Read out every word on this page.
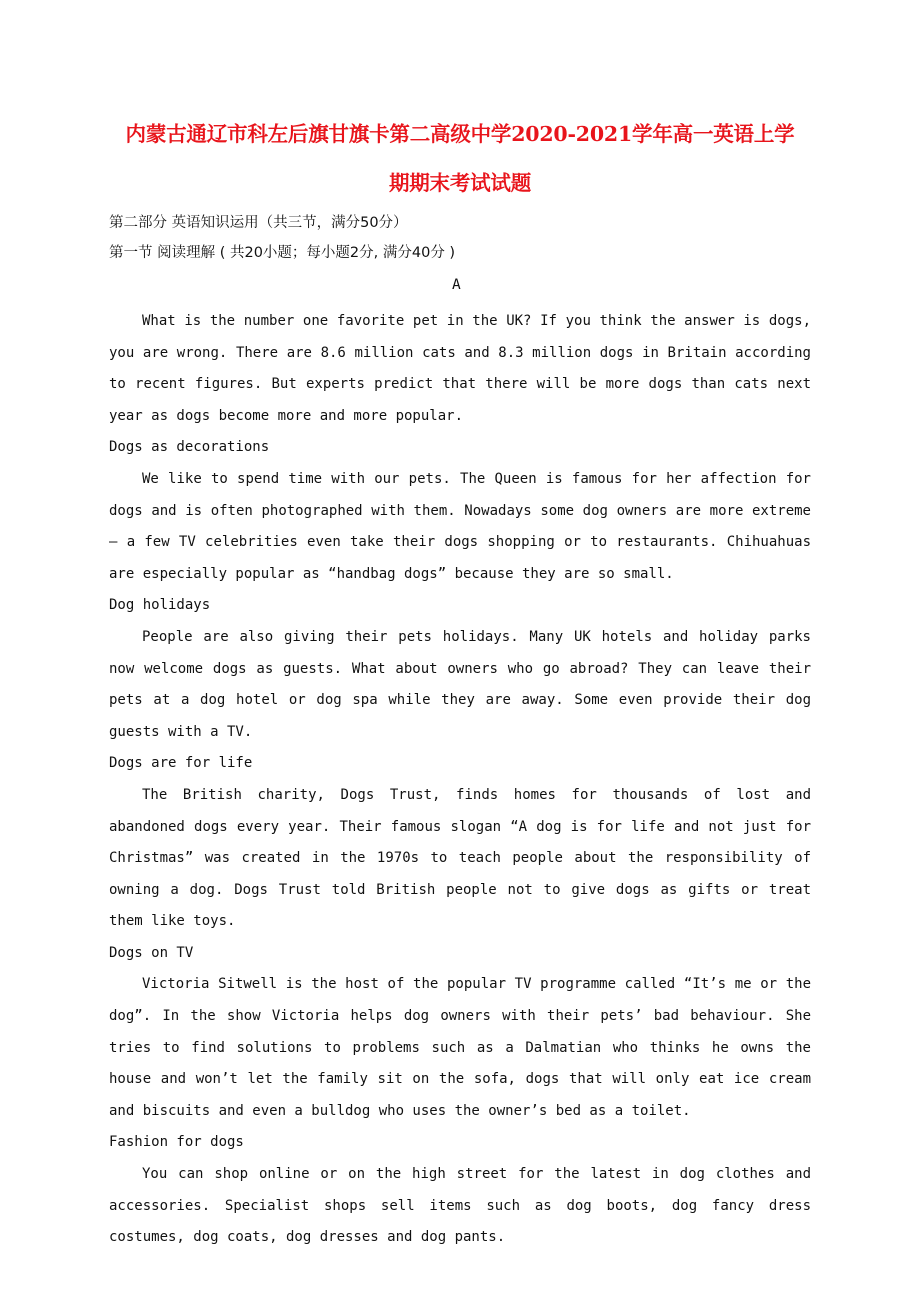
内蒙古通辽市科左后旗甘旗卡第二高级中学2020-2021学年高一英语上学
期期末考试试题
第二部分 英语知识运用（共三节，满分50分）
第一节 阅读理解 ( 共20小题；每小题2分, 满分40分 )
A

What is the number one favorite pet in the UK? If you think the answer is dogs, you are wrong. There are 8.6 million cats and 8.3 million dogs in Britain according to recent figures. But experts predict that there will be more dogs than cats next year as dogs become more and more popular.

Dogs as decorations

We like to spend time with our pets. The Queen is famous for her affection for dogs and is often photographed with them. Nowadays some dog owners are more extreme — a few TV celebrities even take their dogs shopping or to restaurants. Chihuahuas are especially popular as “handbag dogs” because they are so small.

Dog holidays

People are also giving their pets holidays. Many UK hotels and holiday parks now welcome dogs as guests. What about owners who go abroad? They can leave their pets at a dog hotel or dog spa while they are away. Some even provide their dog guests with a TV.

Dogs are for life

The British charity, Dogs Trust, finds homes for thousands of lost and abandoned dogs every year. Their famous slogan “A dog is for life and not just for Christmas” was created in the 1970s to teach people about the responsibility of owning a dog. Dogs Trust told British people not to give dogs as gifts or treat them like toys.

Dogs on TV

Victoria Sitwell is the host of the popular TV programme called “It’s me or the dog”. In the show Victoria helps dog owners with their pets’ bad behaviour. She tries to find solutions to problems such as a Dalmatian who thinks he owns the house and won’t let the family sit on the sofa, dogs that will only eat ice cream and biscuits and even a bulldog who uses the owner’s bed as a toilet.

Fashion for dogs

You can shop online or on the high street for the latest in dog clothes and accessories. Specialist shops sell items such as dog boots, dog fancy dress costumes, dog coats, dog dresses and dog pants.
